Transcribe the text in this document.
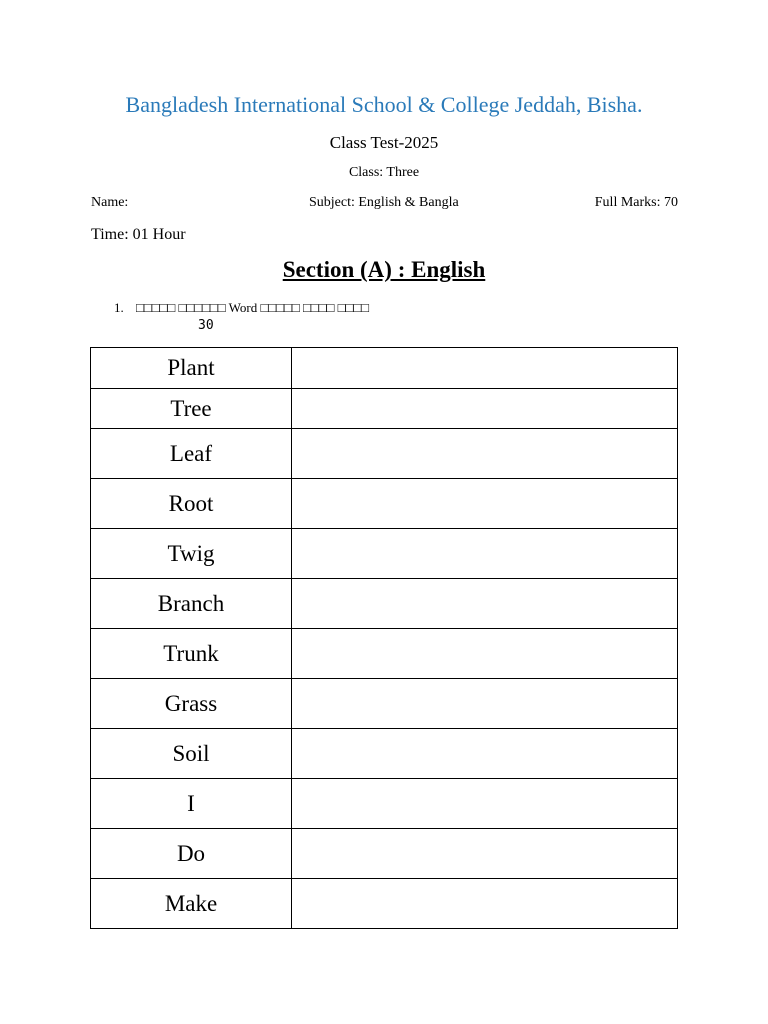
Bangladesh International School & College Jeddah, Bisha.
Class Test-2025
Class: Three
Name:	Subject: English & Bangla	Full Marks: 70
Time: 01 Hour
Section (A) : English
1. □□□□□ □□□□□□ Word □□□□□ □□□□ □□□□
30
Plant	
Tree	
Leaf	
Root	
Twig	
Branch	
Trunk	
Grass	
Soil	
I	
Do	
Make	
